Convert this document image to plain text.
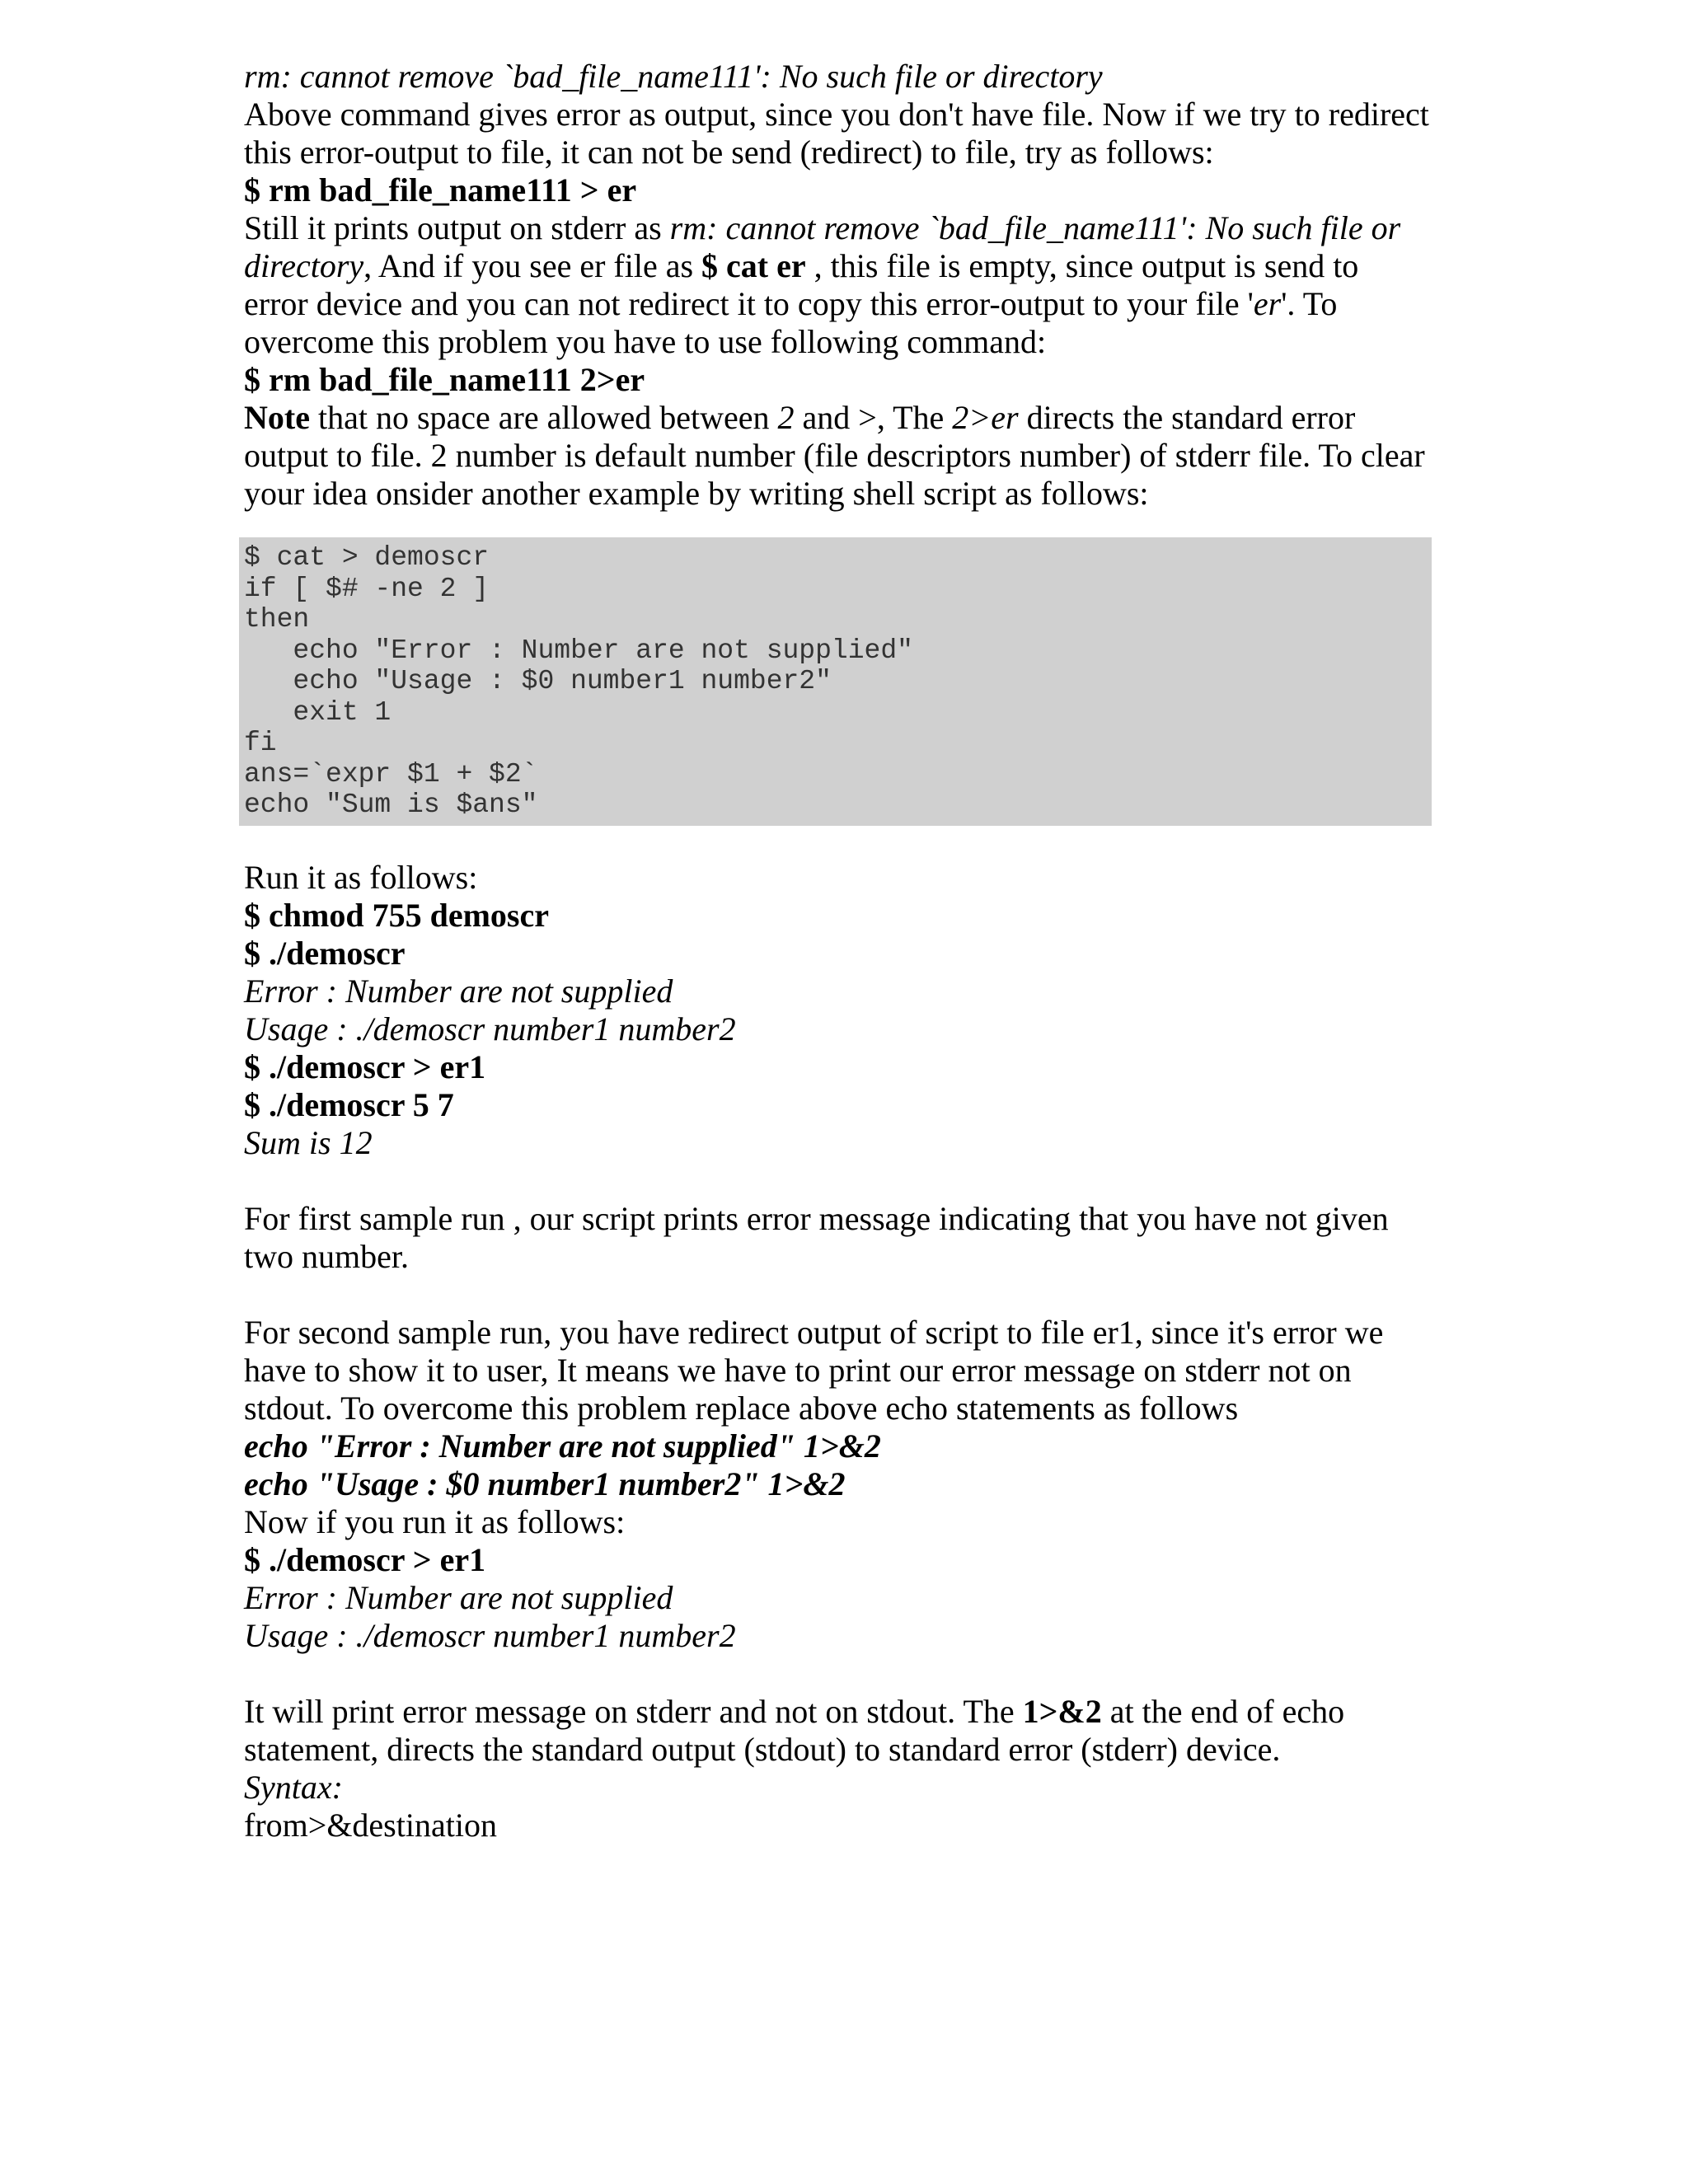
rm: cannot remove `bad_file_name111': No such file or directory
Above command gives error as output, since you don't have file. Now if we try to redirect
this error-output to file, it can not be send (redirect) to file, try as follows:
$ rm bad_file_name111 > er
Still it prints output on stderr as rm: cannot remove `bad_file_name111': No such file or
directory, And if you see er file as $ cat er , this file is empty, since output is send to
error device and you can not redirect it to copy this error-output to your file 'er'. To
overcome this problem you have to use following command:
$ rm bad_file_name111 2>er
Note that no space are allowed between 2 and >, The 2>er directs the standard error
output to file. 2 number is default number (file descriptors number) of stderr file. To clear
your idea onsider another example by writing shell script as follows:
$ cat > demoscr
if [ $# -ne 2 ]
then
echo "Error : Number are not supplied"
echo "Usage : $0 number1 number2"
exit 1
fi
ans=`expr $1 + $2`
echo "Sum is $ans"
Run it as follows:
$ chmod 755 demoscr
$ ./demoscr
Error : Number are not supplied
Usage : ./demoscr number1 number2
$ ./demoscr > er1
$ ./demoscr 5 7
Sum is 12
For first sample run , our script prints error message indicating that you have not given
two number.
For second sample run, you have redirect output of script to file er1, since it's error we
have to show it to user, It means we have to print our error message on stderr not on
stdout. To overcome this problem replace above echo statements as follows
echo "Error : Number are not supplied" 1>&2
echo "Usage : $0 number1 number2" 1>&2
Now if you run it as follows:
$ ./demoscr > er1
Error : Number are not supplied
Usage : ./demoscr number1 number2
It will print error message on stderr and not on stdout. The 1>&2 at the end of echo
statement, directs the standard output (stdout) to standard error (stderr) device.
Syntax:
from>&destination
